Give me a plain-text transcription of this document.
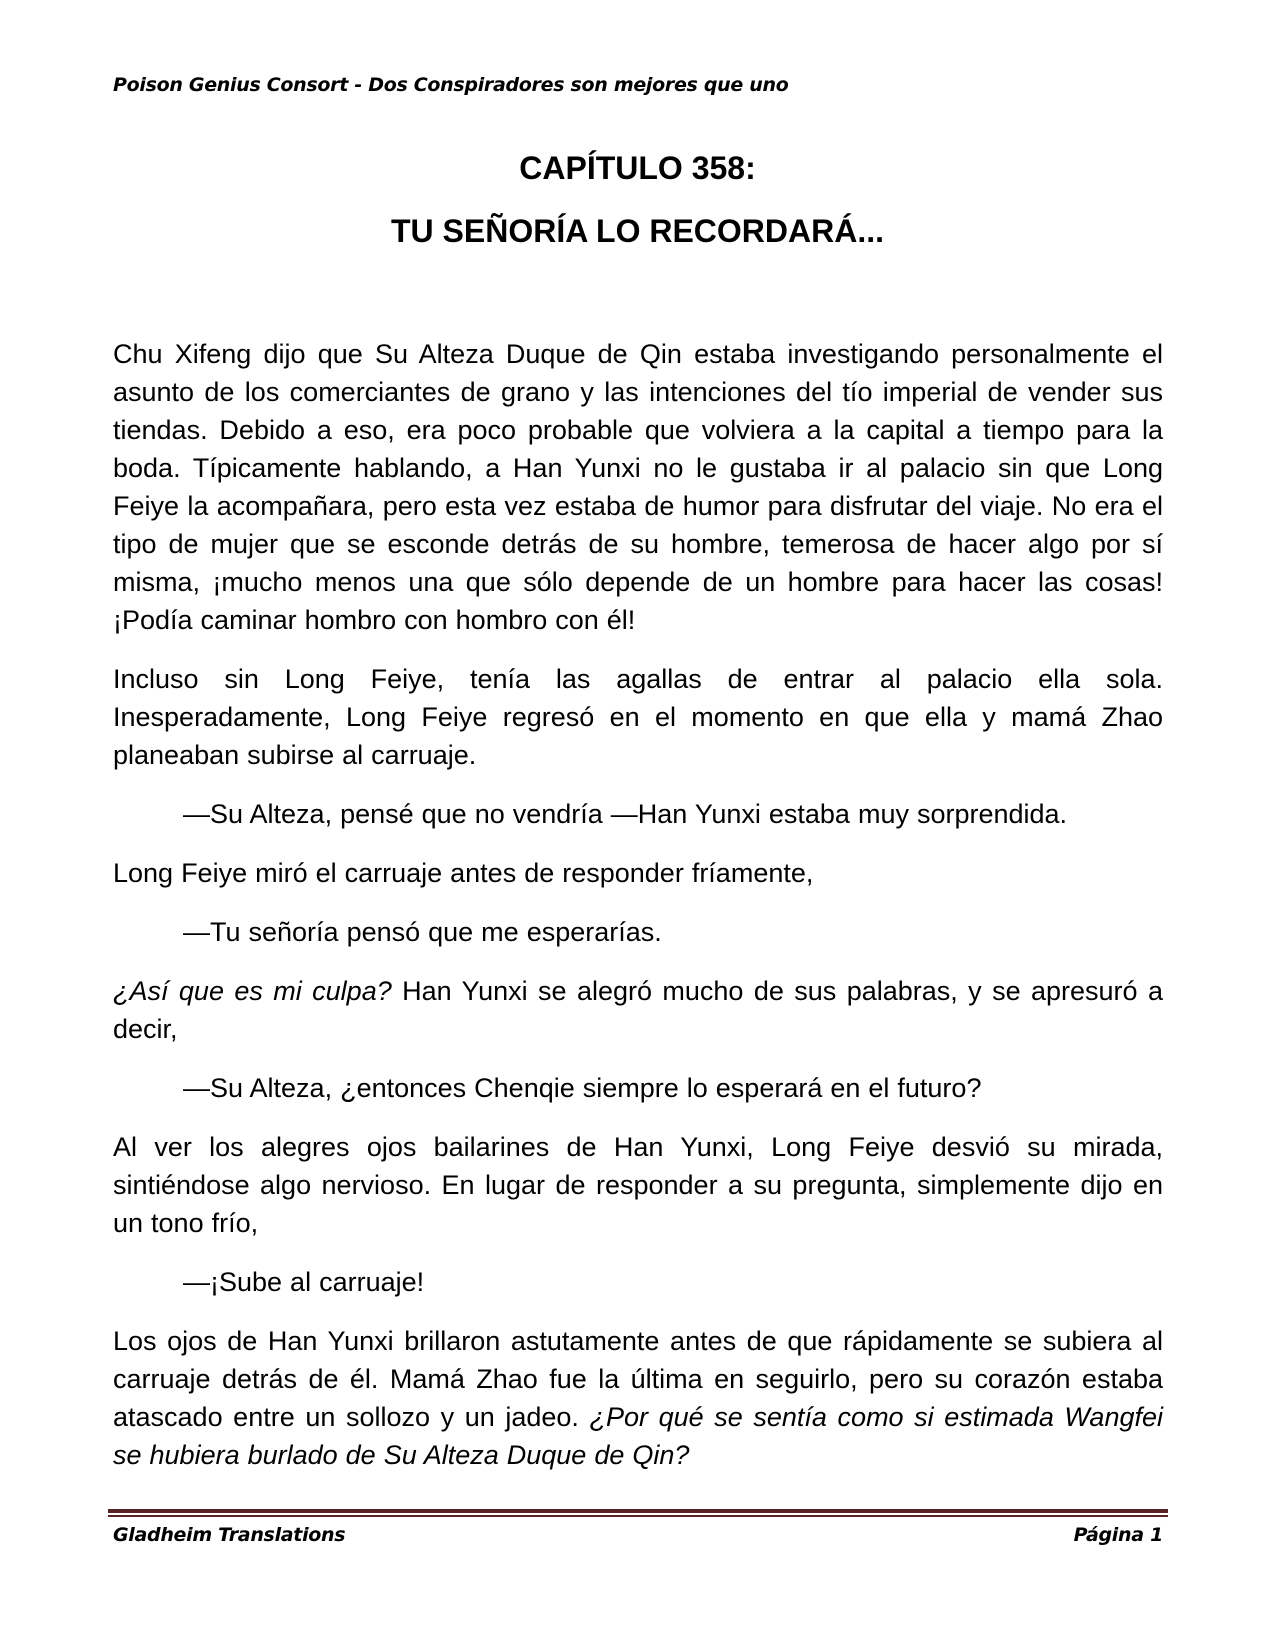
Poison Genius Consort - Dos Conspiradores son mejores que uno
CAPÍTULO 358:
TU SEÑORÍA LO RECORDARÁ...

Chu Xifeng dijo que Su Alteza Duque de Qin estaba investigando personalmente el asunto de los comerciantes de grano y las intenciones del tío imperial de vender sus tiendas. Debido a eso, era poco probable que volviera a la capital a tiempo para la boda. Típicamente hablando, a Han Yunxi no le gustaba ir al palacio sin que Long Feiye la acompañara, pero esta vez estaba de humor para disfrutar del viaje. No era el tipo de mujer que se esconde detrás de su hombre, temerosa de hacer algo por sí misma, ¡mucho menos una que sólo depende de un hombre para hacer las cosas! ¡Podía caminar hombro con hombro con él!

Incluso sin Long Feiye, tenía las agallas de entrar al palacio ella sola. Inesperadamente, Long Feiye regresó en el momento en que ella y mamá Zhao planeaban subirse al carruaje.

—Su Alteza, pensé que no vendría —Han Yunxi estaba muy sorprendida.

Long Feiye miró el carruaje antes de responder fríamente,

—Tu señoría pensó que me esperarías.

¿Así que es mi culpa? Han Yunxi se alegró mucho de sus palabras, y se apresuró a decir,

—Su Alteza, ¿entonces Chenqie siempre lo esperará en el futuro?

Al ver los alegres ojos bailarines de Han Yunxi, Long Feiye desvió su mirada, sintiéndose algo nervioso. En lugar de responder a su pregunta, simplemente dijo en un tono frío,

—¡Sube al carruaje!

Los ojos de Han Yunxi brillaron astutamente antes de que rápidamente se subiera al carruaje detrás de él. Mamá Zhao fue la última en seguirlo, pero su corazón estaba atascado entre un sollozo y un jadeo. ¿Por qué se sentía como si estimada Wangfei se hubiera burlado de Su Alteza Duque de Qin?

Gladheim Translations	Página 1
